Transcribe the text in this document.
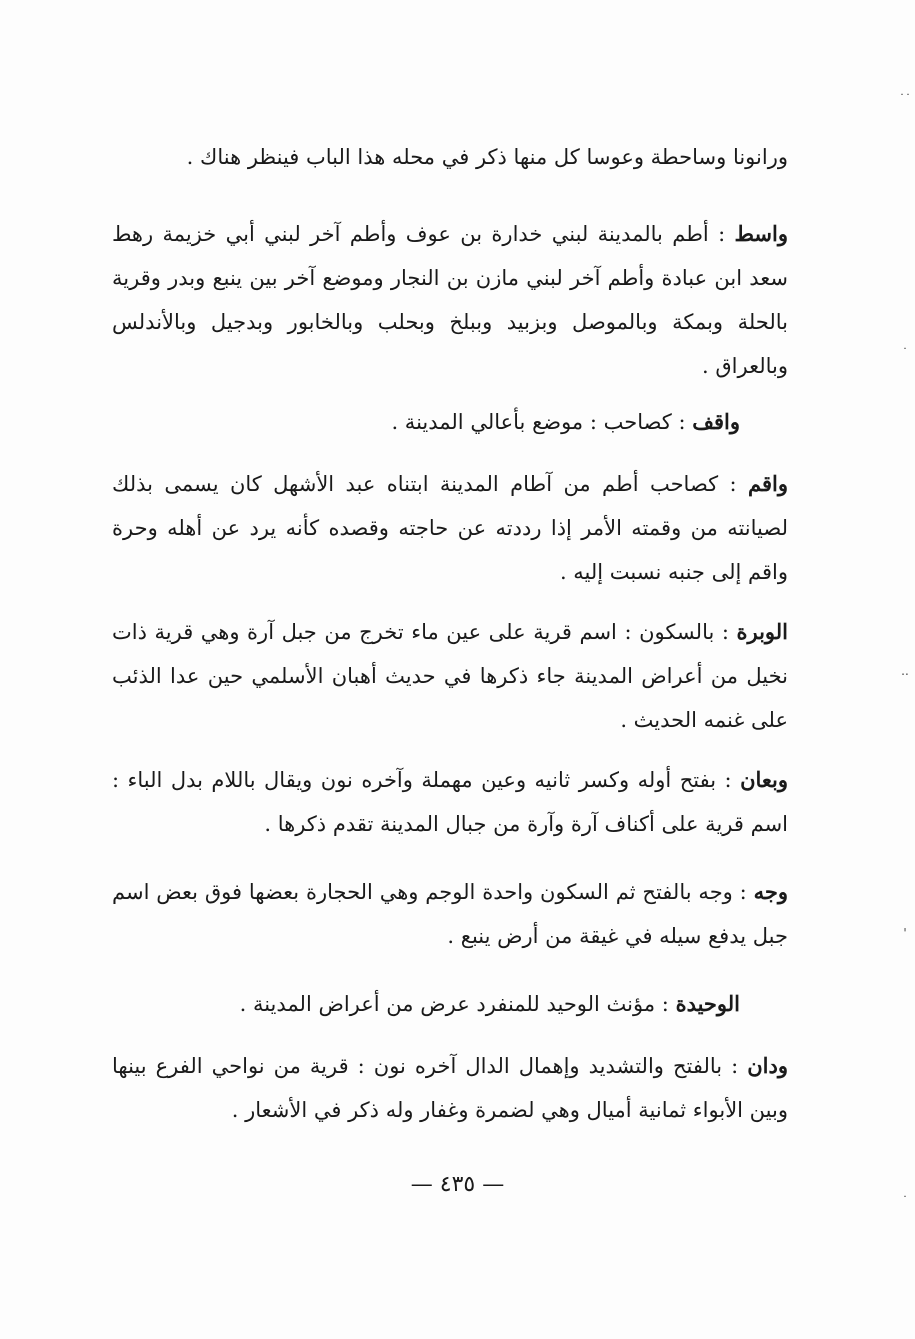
ورانونا وساحطة وعوسا كل منها ذكر في محله هذا الباب فينظر هناك .
واسط : أطم بالمدينة لبني خدارة بن عوف وأطم آخر لبني أبي خزيمة رهط سعد ابن عبادة وأطم آخر لبني مازن بن النجار وموضع آخر بين ينبع وبدر وقرية بالحلة وبمكة وبالموصل وبزبيد وببلخ وبحلب وبالخابور وبدجيل وبالأندلس وبالعراق .
واقف : كصاحب : موضع بأعالي المدينة .
واقم : كصاحب أطم من آطام المدينة ابتناه عبد الأشهل كان يسمى بذلك لصيانته من وقمته الأمر إذا رددته عن حاجته وقصده كأنه يرد عن أهله وحرة واقم إلى جنبه نسبت إليه .
الوبرة : بالسكون : اسم قرية على عين ماء تخرج من جبل آرة وهي قرية ذات نخيل من أعراض المدينة جاء ذكرها في حديث أهبان الأسلمي حين عدا الذئب على غنمه الحديث .
وبعان : بفتح أوله وكسر ثانيه وعين مهملة وآخره نون ويقال باللام بدل الباء : اسم قرية على أكناف آرة وآرة من جبال المدينة تقدم ذكرها .
وجه : وجه بالفتح ثم السكون واحدة الوجم وهي الحجارة بعضها فوق بعض اسم جبل يدفع سيله في غيقة من أرض ينبع .
الوحيدة : مؤنث الوحيد للمنفرد عرض من أعراض المدينة .
ودان : بالفتح والتشديد وإهمال الدال آخره نون : قرية من نواحي الفرع بينها وبين الأبواء ثمانية أميال وهي لضمرة وغفار وله ذكر في الأشعار .
— ٤٣٥ —
˙˙
˙
..
'
˙
